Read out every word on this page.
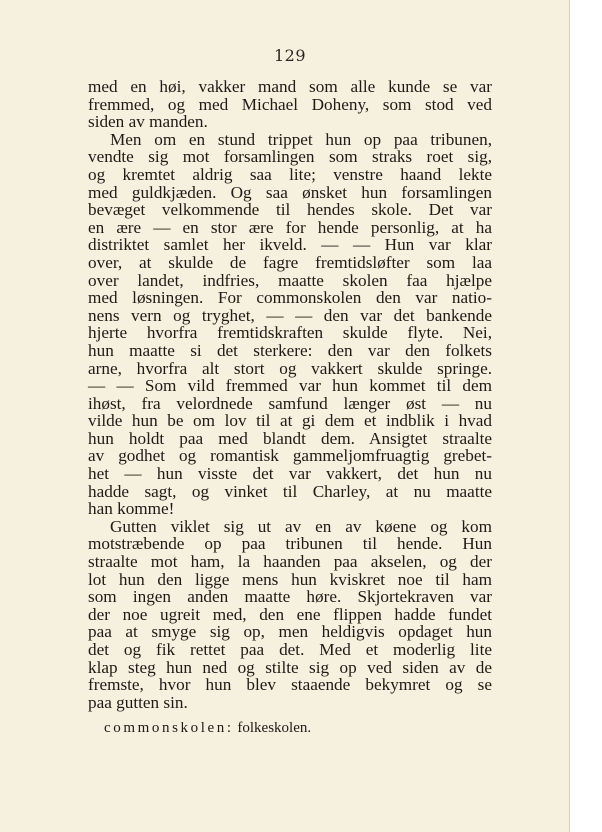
129
med en høi, vakker mand som alle kunde se var
fremmed, og med Michael Doheny, som stod ved
siden av manden.
Men om en stund trippet hun op paa tribunen,
vendte sig mot forsamlingen som straks roet sig,
og kremtet aldrig saa lite; venstre haand lekte
med guldkjæden. Og saa ønsket hun forsamlingen
bevæget velkommende til hendes skole. Det var
en ære — en stor ære for hende personlig, at ha
distriktet samlet her ikveld. — — Hun var klar
over, at skulde de fagre fremtidsløfter som laa
over landet, indfries, maatte skolen faa hjælpe
med løsningen. For commonskolen den var natio-
nens vern og tryghet, — — den var det bankende
hjerte hvorfra fremtidskraften skulde flyte. Nei,
hun maatte si det sterkere: den var den folkets
arne, hvorfra alt stort og vakkert skulde springe.
— — Som vild fremmed var hun kommet til dem
ihøst, fra velordnede samfund længer øst — nu
vilde hun be om lov til at gi dem et indblik i hvad
hun holdt paa med blandt dem. Ansigtet straalte
av godhet og romantisk gammeljomfruagtig grebet-
het — hun visste det var vakkert, det hun nu
hadde sagt, og vinket til Charley, at nu maatte
han komme!
Gutten viklet sig ut av en av køene og kom
motstræbende op paa tribunen til hende. Hun
straalte mot ham, la haanden paa akselen, og der
lot hun den ligge mens hun kviskret noe til ham
som ingen anden maatte høre. Skjortekraven var
der noe ugreit med, den ene flippen hadde fundet
paa at smyge sig op, men heldigvis opdaget hun
det og fik rettet paa det. Med et moderlig lite
klap steg hun ned og stilte sig op ved siden av de
fremste, hvor hun blev staaende bekymret og se
paa gutten sin.
commonskolen: folkeskolen.
